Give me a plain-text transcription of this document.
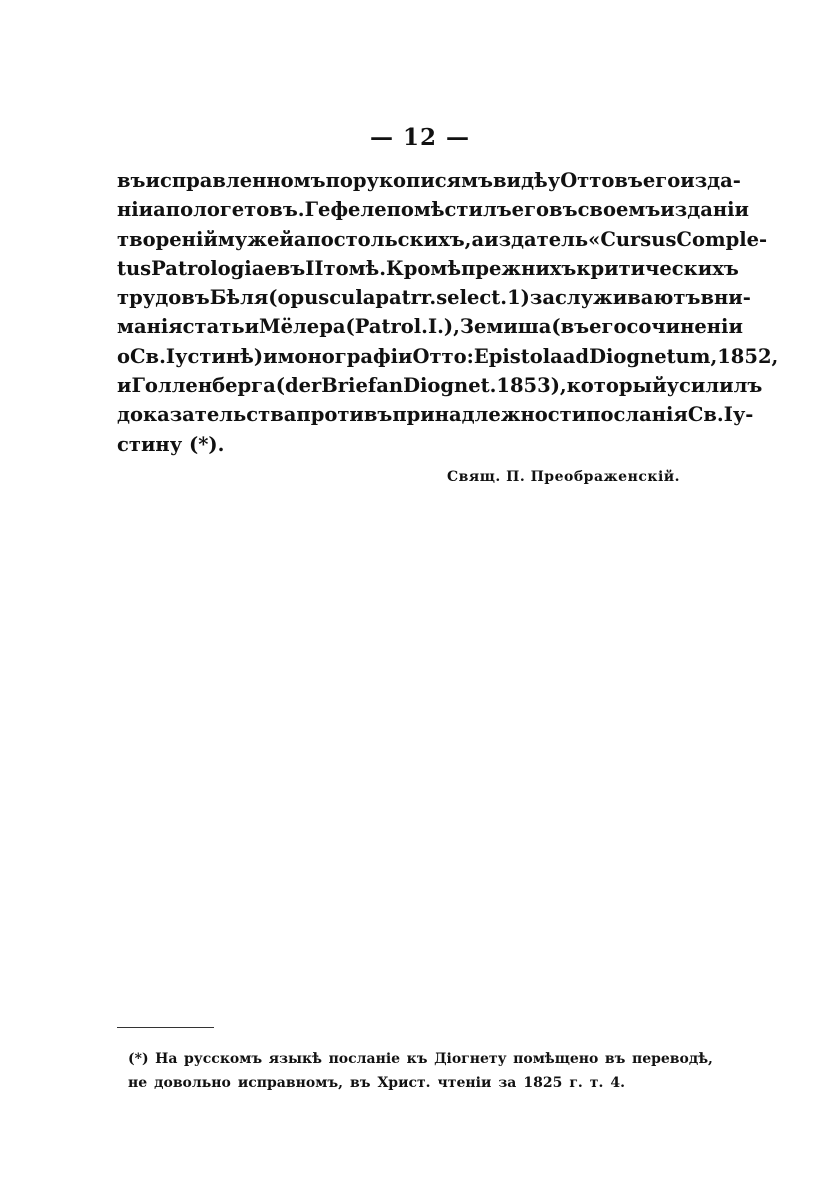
— 12 —
въ исправленномъ по рукописямъ видѣ у Отто въ его изда-
ніи апологетовъ. Гефеле помѣстилъ его въ своемъ изданіи
твореній мужей апостольскихъ, а издатель «Cursus Comple-
tus Patrologiae въ II томѣ. Кромѣ прежнихъ критическихъ
трудовъ Бѣля (opuscula patrr. select. 1) заслуживаютъ вни-
манія статьи Мёлера (Patrol. I.), Земиша (въ его сочиненіи
о Св. Іустинѣ) и монографіи Отто: Epistola ad Diognetum, 1852,
и Голленберга (der Brief an Diognet. 1853), который усилилъ
доказательства противъ принадлежности посланія Св. Іу-
стину (*).
Свящ. П. Преображенскій.
(*) На русскомъ языкѣ посланіе къ Діогнету помѣщено въ переводѣ,
не довольно исправномъ, въ Христ. чтеніи за 1825 г. т. 4.
